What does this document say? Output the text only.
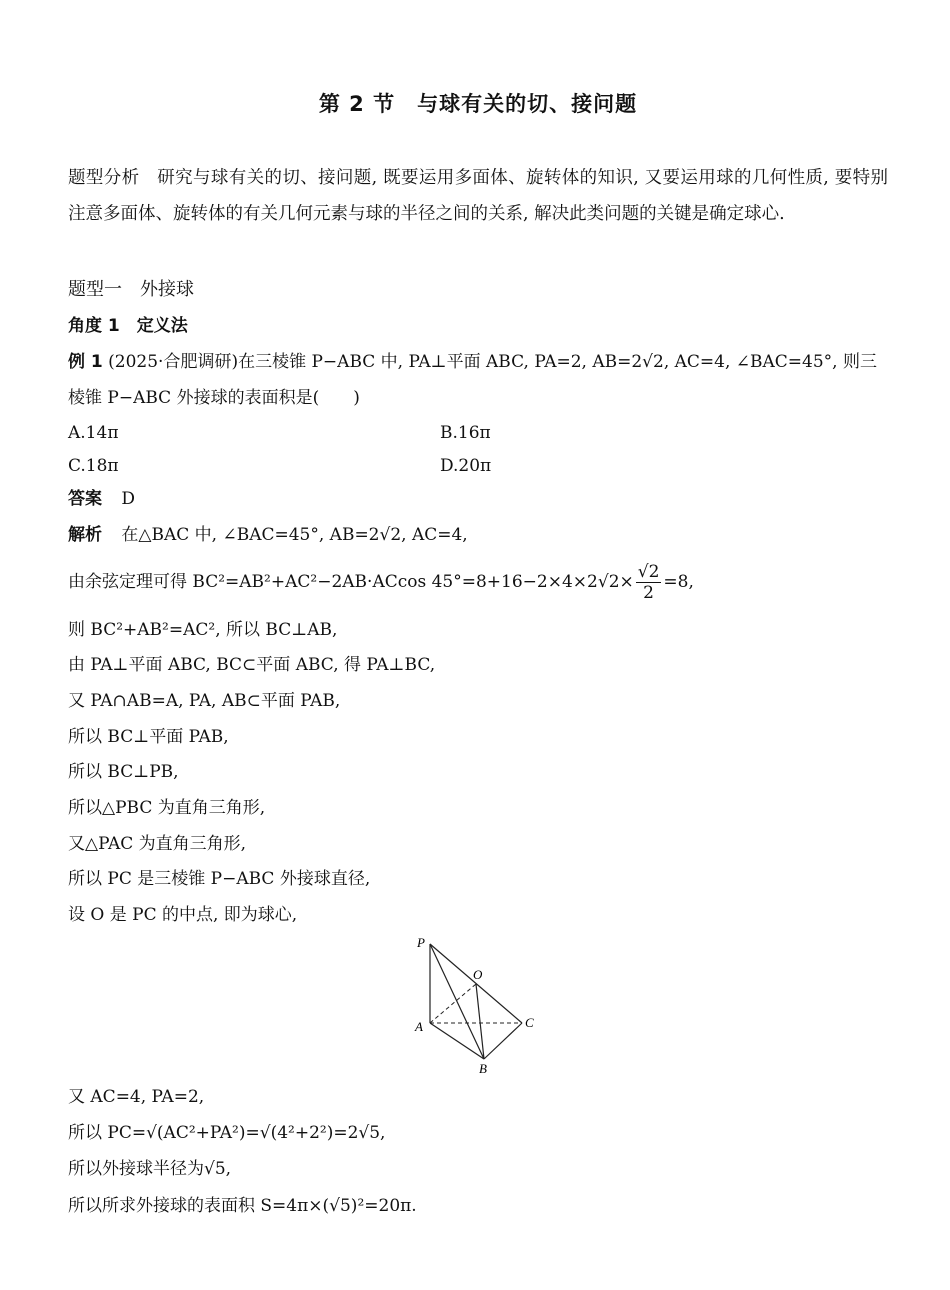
第 2 节　与球有关的切、接问题
题型分析　研究与球有关的切、接问题, 既要运用多面体、旋转体的知识, 又要运用球的几何性质, 要特别注意多面体、旋转体的有关几何元素与球的半径之间的关系, 解决此类问题的关键是确定球心.
题型一　外接球
角度 1　定义法
例 1 (2025·合肥调研)在三棱锥 P−ABC 中, PA⊥平面 ABC, PA=2, AB=2√2, AC=4, ∠BAC=45°, 则三
棱锥 P−ABC 外接球的表面积是(　　)
A.14π	B.16π
C.18π	D.20π
答案 D
解析 在△BAC 中, ∠BAC=45°, AB=2√2, AC=4,
由余弦定理可得 BC²=AB²+AC²−2AB·ACcos $45^\circ=8+16-2\times 4\times 2√2\times \frac{√2}{2} =8$,
则 BC²+AB²=AC², 所以 BC⊥AB,
由 PA⊥平面 ABC, BC⊂平面 ABC, 得 PA⊥BC,
又 PA∩AB=A, PA, AB⊂平面 PAB,
所以 BC⊥平面 PAB,
所以 BC⊥PB,
所以△PBC 为直角三角形,
又△PAC 为直角三角形,
所以 PC 是三棱锥 P−ABC 外接球直径,
设 O 是 PC 的中点, 即为球心,
P
O
A	C
B
又 AC=4, PA=2,
所以 PC=√(AC²+PA²)=√(4²+2²)=2√5,
所以外接球半径为√5,
所以所求外接球的表面积 S=4π×(√5)²=20π.
